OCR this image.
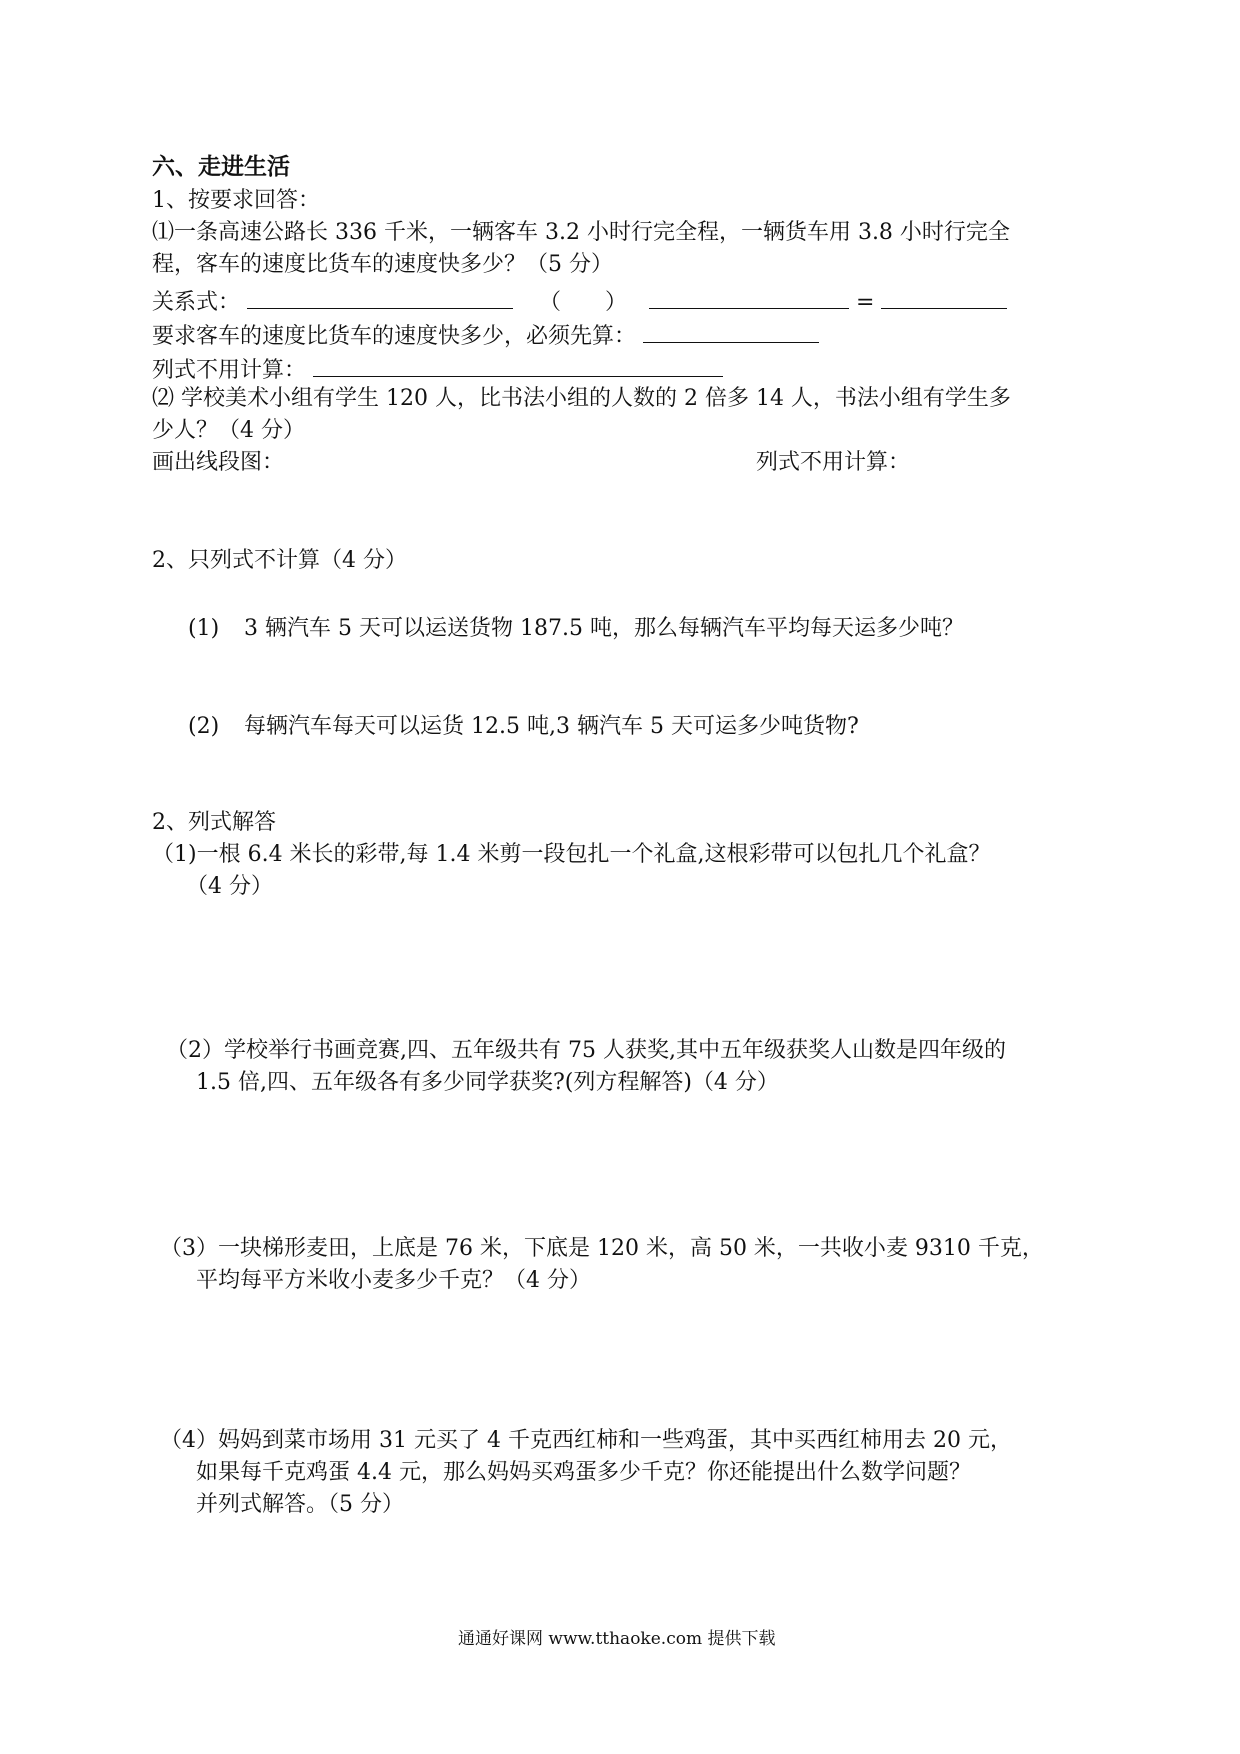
六、走进生活
1、按要求回答：
⑴一条高速公路长 336 千米，一辆客车 3.2 小时行完全程，一辆货车用 3.8 小时行完全
程，客车的速度比货车的速度快多少？（5 分）
关系式：	（ ）	=
要求客车的速度比货车的速度快多少，必须先算：
列式不用计算：
⑵ 学校美术小组有学生 120 人，比书法小组的人数的 2 倍多 14 人，书法小组有学生多
少人？（4 分）
画出线段图：	列式不用计算：
2、只列式不计算（4 分）
(1) 3 辆汽车 5 天可以运送货物 187.5 吨，那么每辆汽车平均每天运多少吨？
(2) 每辆汽车每天可以运货 12.5 吨,3 辆汽车 5 天可运多少吨货物?
2、列式解答
（1)一根 6.4 米长的彩带,每 1.4 米剪一段包扎一个礼盒,这根彩带可以包扎几个礼盒？
（4 分）
（2）学校举行书画竞赛,四、五年级共有 75 人获奖,其中五年级获奖人山数是四年级的
1.5 倍,四、五年级各有多少同学获奖?(列方程解答)（4 分）
（3）一块梯形麦田，上底是 76 米，下底是 120 米，高 50 米，一共收小麦 9310 千克，
平均每平方米收小麦多少千克？（4 分）
（4）妈妈到菜市场用 31 元买了 4 千克西红柿和一些鸡蛋，其中买西红柿用去 20 元，
如果每千克鸡蛋 4.4 元，那么妈妈买鸡蛋多少千克？你还能提出什么数学问题？
并列式解答。（5 分）
通通好课网 www.tthaoke.com 提供下载
